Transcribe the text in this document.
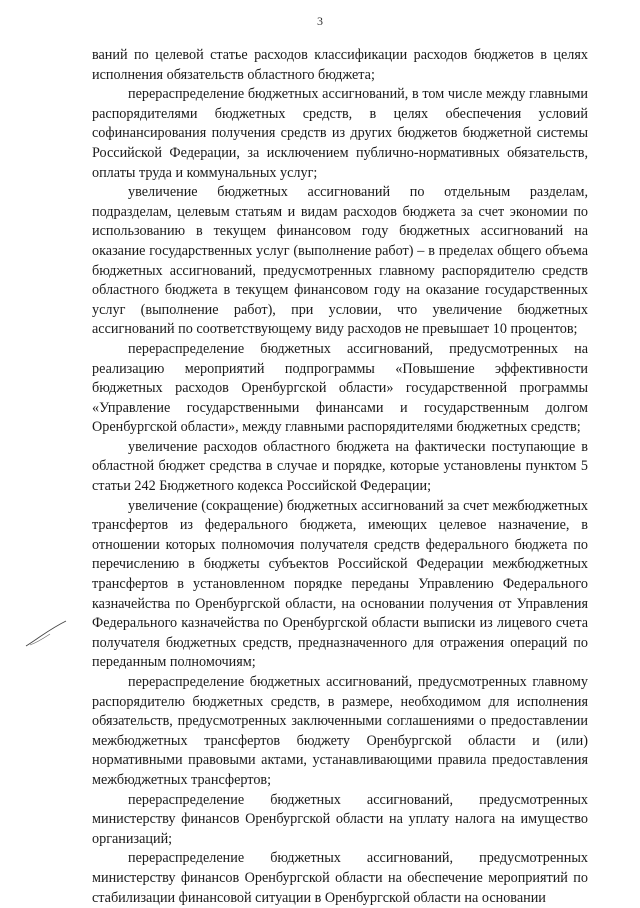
3

ваний по целевой статье расходов классификации расходов бюджетов в целях исполнения обязательств областного бюджета;

перераспределение бюджетных ассигнований, в том числе между главными распорядителями бюджетных средств, в целях обеспечения условий софинансирования получения средств из других бюджетов бюджетной системы Российской Федерации, за исключением публично-нормативных обязательств, оплаты труда и коммунальных услуг;

увеличение бюджетных ассигнований по отдельным разделам, подразделам, целевым статьям и видам расходов бюджета за счет экономии по использованию в текущем финансовом году бюджетных ассигнований на оказание государственных услуг (выполнение работ) – в пределах общего объема бюджетных ассигнований, предусмотренных главному распорядителю средств областного бюджета в текущем финансовом году на оказание государственных услуг (выполнение работ), при условии, что увеличение бюджетных ассигнований по соответствующему виду расходов не превышает 10 процентов;

перераспределение бюджетных ассигнований, предусмотренных на реализацию мероприятий подпрограммы «Повышение эффективности бюджетных расходов Оренбургской области» государственной программы «Управление государственными финансами и государственным долгом Оренбургской области», между главными распорядителями бюджетных средств;

увеличение расходов областного бюджета на фактически поступающие в областной бюджет средства в случае и порядке, которые установлены пунктом 5 статьи 242 Бюджетного кодекса Российской Федерации;

увеличение (сокращение) бюджетных ассигнований за счет межбюджетных трансфертов из федерального бюджета, имеющих целевое назначение, в отношении которых полномочия получателя средств федерального бюджета по перечислению в бюджеты субъектов Российской Федерации межбюджетных трансфертов в установленном порядке переданы Управлению Федерального казначейства по Оренбургской области, на основании получения от Управления Федерального казначейства по Оренбургской области выписки из лицевого счета получателя бюджетных средств, предназначенного для отражения операций по переданным полномочиям;

перераспределение бюджетных ассигнований, предусмотренных главному распорядителю бюджетных средств, в размере, необходимом для исполнения обязательств, предусмотренных заключенными соглашениями о предоставлении межбюджетных трансфертов бюджету Оренбургской области и (или) нормативными правовыми актами, устанавливающими правила предоставления межбюджетных трансфертов;

перераспределение бюджетных ассигнований, предусмотренных министерству финансов Оренбургской области на уплату налога на имущество организаций;

перераспределение бюджетных ассигнований, предусмотренных министерству финансов Оренбургской области на обеспечение мероприятий по стабилизации финансовой ситуации в Оренбургской области на основании
